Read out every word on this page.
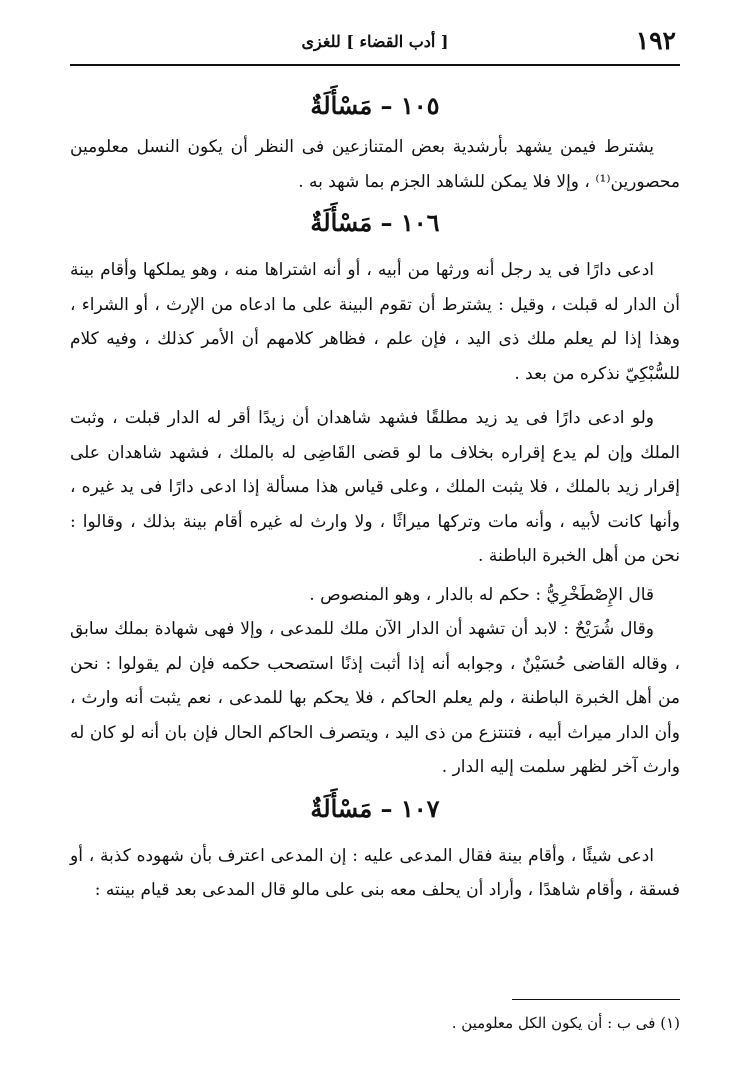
١٩٢
[ أدب القضاء ] للغزى
١٠٥ – مَسْأَلَةٌ

يشترط فيمن يشهد بأرشدية بعض المتنازعين فى النظر أن يكون النسل معلومين محصورين⁽¹⁾ ، وإلا فلا يمكن للشاهد الجزم بما شهد به .

١٠٦ – مَسْأَلَةٌ

ادعى دارًا فى يد رجل أنه ورثها من أبيه ، أو أنه اشتراها منه ، وهو يملكها وأقام بينة أن الدار له قبلت ، وقيل : يشترط أن تقوم البينة على ما ادعاه من الإرث ، أو الشراء ، وهذا إذا لم يعلم ملك ذى اليد ، فإن علم ، فظاهر كلامهم أن الأمر كذلك ، وفيه كلام للسُّبْكِيّ نذكره من بعد .

ولو ادعى دارًا فى يد زيد مطلقًا فشهد شاهدان أن زيدًا أقر له الدار قبلت ، وثبت الملك وإن لم يدع إقراره بخلاف ما لو قضى القَاضِى له بالملك ، فشهد شاهدان على إقرار زيد بالملك ، فلا يثبت الملك ، وعلى قياس هذا مسألة إذا ادعى دارًا فى يد غيره ، وأنها كانت لأبيه ، وأنه مات وتركها ميراثًا ، ولا وارث له غيره أقام بينة بذلك ، وقالوا : نحن من أهل الخبرة الباطنة .

قال الإِصْطَخْرِيُّ : حكم له بالدار ، وهو المنصوص .

وقال شُرَيْحٌ : لابد أن تشهد أن الدار الآن ملك للمدعى ، وإلا فهى شهادة بملك سابق ، وقاله القاضى حُسَيْنٌ ، وجوابه أنه إذا أثبت إذنًا استصحب حكمه فإن لم يقولوا : نحن من أهل الخبرة الباطنة ، ولم يعلم الحاكم ، فلا يحكم بها للمدعى ، نعم يثبت أنه وارث ، وأن الدار ميراث أبيه ، فتنتزع من ذى اليد ، ويتصرف الحاكم الحال فإن بان أنه لو كان له وارث آخر لظهر سلمت إليه الدار .

١٠٧ – مَسْأَلَةٌ

ادعى شيئًا ، وأقام بينة فقال المدعى عليه : إن المدعى اعترف بأن شهوده كذبة ، أو فسقة ، وأقام شاهدًا ، وأراد أن يحلف معه بنى على مالو قال المدعى بعد قيام بينته :

(١) فى ب : أن يكون الكل معلومين .
